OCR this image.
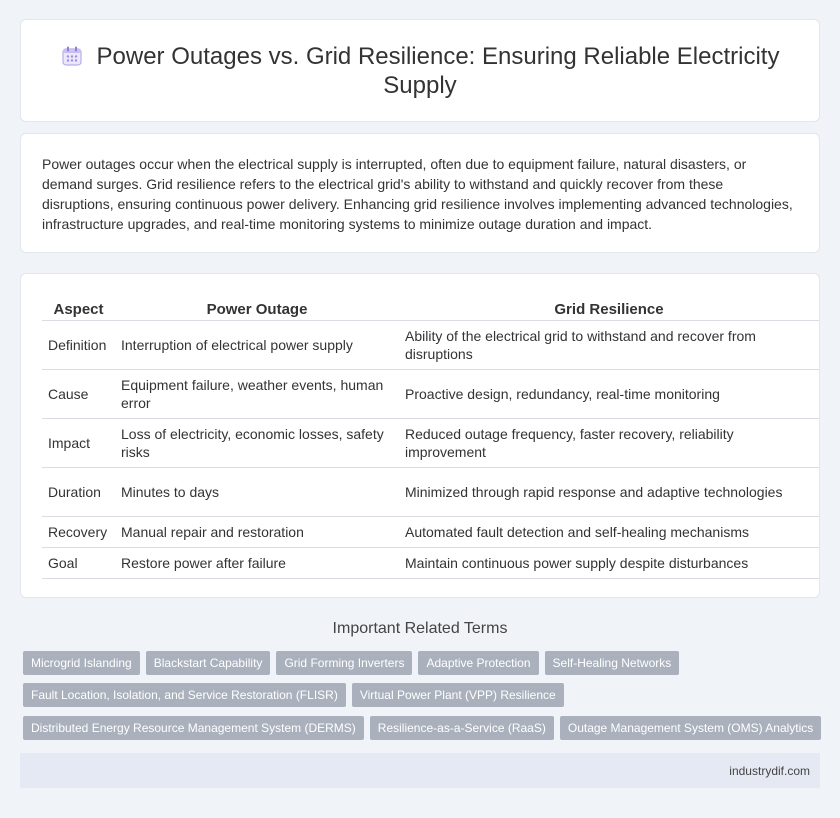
Power Outages vs. Grid Resilience: Ensuring Reliable Electricity Supply

Power outages occur when the electrical supply is interrupted, often due to equipment failure, natural disasters, or demand surges. Grid resilience refers to the electrical grid's ability to withstand and quickly recover from these disruptions, ensuring continuous power delivery. Enhancing grid resilience involves implementing advanced technologies, infrastructure upgrades, and real-time monitoring systems to minimize outage duration and impact.

Aspect	Power Outage	Grid Resilience
Definition	Interruption of electrical power supply	Ability of the electrical grid to withstand and recover from disruptions
Cause	Equipment failure, weather events, human error	Proactive design, redundancy, real-time monitoring
Impact	Loss of electricity, economic losses, safety risks	Reduced outage frequency, faster recovery, reliability improvement
Duration	Minutes to days	Minimized through rapid response and adaptive technologies
Recovery	Manual repair and restoration	Automated fault detection and self-healing mechanisms
Goal	Restore power after failure	Maintain continuous power supply despite disturbances
Important Related Terms
Microgrid Islanding Blackstart Capability Grid Forming Inverters Adaptive Protection Self-Healing Networks
Fault Location, Isolation, and Service Restoration (FLISR) Virtual Power Plant (VPP) Resilience
Distributed Energy Resource Management System (DERMS) Resilience-as-a-Service (RaaS) Outage Management System (OMS) Analytics
industrydif.com
